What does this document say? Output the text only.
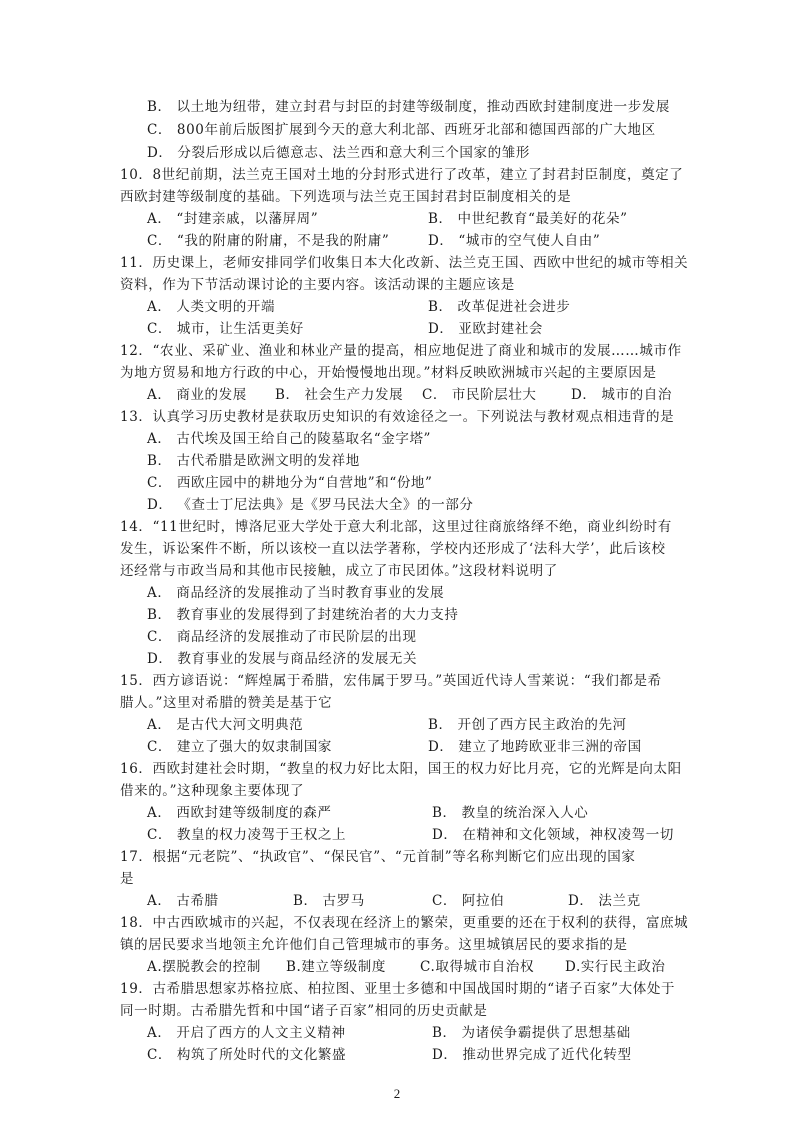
B． 以土地为纽带，建立封君与封臣的封建等级制度，推动西欧封建制度进一步发展
C． 800年前后版图扩展到今天的意大利北部、西班牙北部和德国西部的广大地区
D． 分裂后形成以后德意志、法兰西和意大利三个国家的雏形
10．8世纪前期，法兰克王国对土地的分封形式进行了改革，建立了封君封臣制度，奠定了
西欧封建等级制度的基础。下列选项与法兰克王国封君封臣制度相关的是
A． “封建亲戚，以藩屏周”	B． 中世纪教育“最美好的花朵”
C． “我的附庸的附庸，不是我的附庸”	D． “城市的空气使人自由”
11．历史课上，老师安排同学们收集日本大化改新、法兰克王国、西欧中世纪的城市等相关
资料，作为下节活动课讨论的主要内容。该活动课的主题应该是
A． 人类文明的开端	B． 改革促进社会进步
C． 城市，让生活更美好	D． 亚欧封建社会
12．“农业、采矿业、渔业和林业产量的提高，相应地促进了商业和城市的发展……城市作
为地方贸易和地方行政的中心，开始慢慢地出现。”材料反映欧洲城市兴起的主要原因是
A． 商业的发展 B． 社会生产力发展 C． 市民阶层壮大	D． 城市的自治
13．认真学习历史教材是获取历史知识的有效途径之一。下列说法与教材观点相违背的是
A． 古代埃及国王给自己的陵墓取名“金字塔”
B． 古代希腊是欧洲文明的发祥地
C． 西欧庄园中的耕地分为“自营地”和“份地”
D． 《查士丁尼法典》是《罗马民法大全》的一部分
14．“11世纪时，博洛尼亚大学处于意大利北部，这里过往商旅络绎不绝，商业纠纷时有
发生，诉讼案件不断，所以该校一直以法学著称，学校内还形成了‘法科大学’，此后该校
还经常与市政当局和其他市民接触，成立了市民团体。”这段材料说明了
A． 商品经济的发展推动了当时教育事业的发展
B． 教育事业的发展得到了封建统治者的大力支持
C． 商品经济的发展推动了市民阶层的出现
D． 教育事业的发展与商品经济的发展无关
15．西方谚语说：“辉煌属于希腊，宏伟属于罗马。”英国近代诗人雪莱说：“我们都是希
腊人。”这里对希腊的赞美是基于它
A． 是古代大河文明典范	B． 开创了西方民主政治的先河
C． 建立了强大的奴隶制国家	D． 建立了地跨欧亚非三洲的帝国
16．西欧封建社会时期，“教皇的权力好比太阳，国王的权力好比月亮，它的光辉是向太阳
借来的。”这种现象主要体现了
A． 西欧封建等级制度的森严	B． 教皇的统治深入人心
C． 教皇的权力凌驾于王权之上	D． 在精神和文化领域，神权凌驾一切
17．根据“元老院”、“执政官”、“保民官”、“元首制”等名称判断它们应出现的国家
是
A． 古希腊	B． 古罗马	C． 阿拉伯	D． 法兰克
18．中古西欧城市的兴起，不仅表现在经济上的繁荣，更重要的还在于权利的获得，富庶城
镇的居民要求当地领主允许他们自己管理城市的事务。这里城镇居民的要求指的是
A.摆脱教会的控制 B.建立等级制度	C.取得城市自治权 D.实行民主政治
19．古希腊思想家苏格拉底、柏拉图、亚里士多德和中国战国时期的“诸子百家”大体处于
同一时期。古希腊先哲和中国“诸子百家”相同的历史贡献是
A． 开启了西方的人文主义精神	B． 为诸侯争霸提供了思想基础
C． 构筑了所处时代的文化繁盛	D． 推动世界完成了近代化转型
2
